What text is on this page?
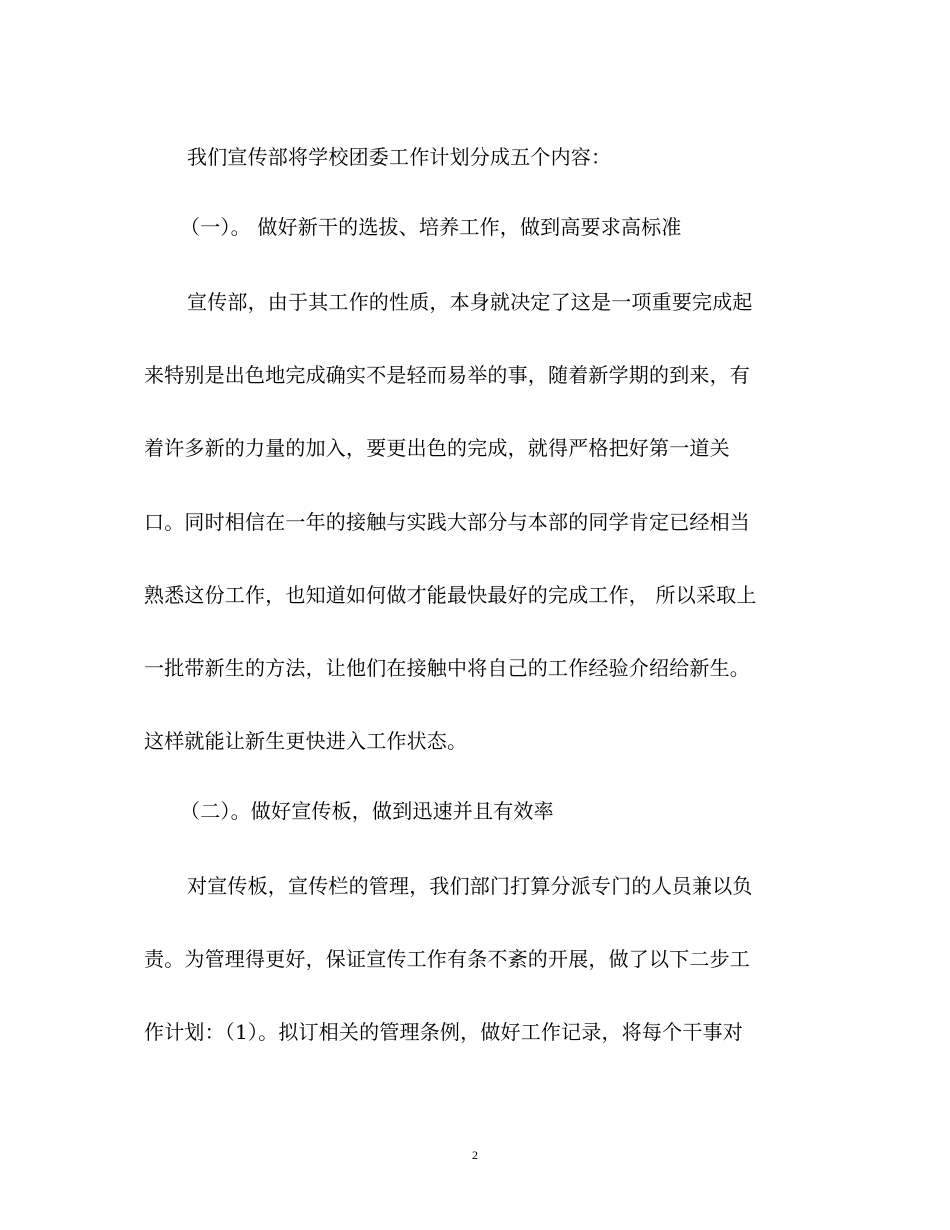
我们宣传部将学校团委工作计划分成五个内容：
（一）。 做好新干的选拔、培养工作，做到高要求高标准
宣传部，由于其工作的性质，本身就决定了这是一项重要完成起
来特别是出色地完成确实不是轻而易举的事，随着新学期的到来，有
着许多新的力量的加入，要更出色的完成，就得严格把好第一道关
口。同时相信在一年的接触与实践大部分与本部的同学肯定已经相当
熟悉这份工作，也知道如何做才能最快最好的完成工作， 所以采取上
一批带新生的方法，让他们在接触中将自己的工作经验介绍给新生。
这样就能让新生更快进入工作状态。
（二）。做好宣传板，做到迅速并且有效率
对宣传板，宣传栏的管理，我们部门打算分派专门的人员兼以负
责。为管理得更好，保证宣传工作有条不紊的开展，做了以下二步工
作计划：（1）。拟订相关的管理条例，做好工作记录，将每个干事对
2
